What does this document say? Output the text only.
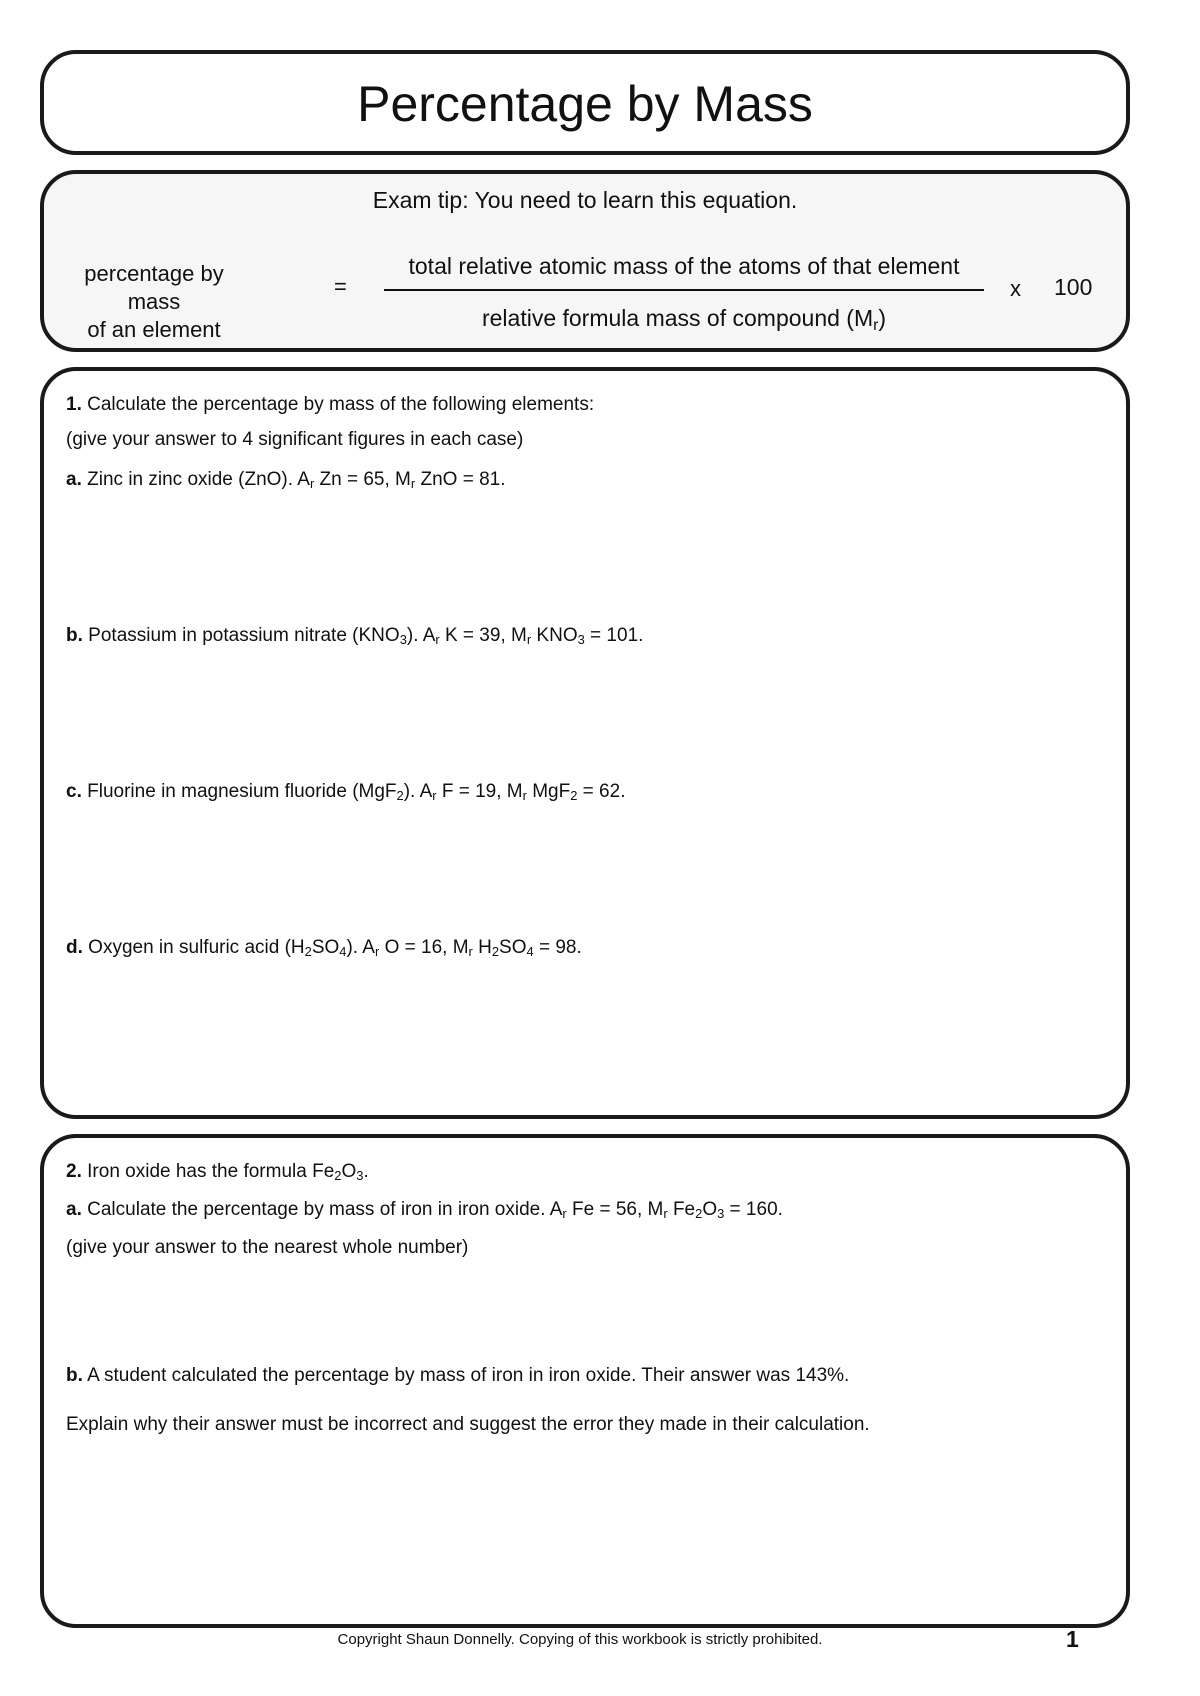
Percentage by Mass
Exam tip: You need to learn this equation.
percentage by mass
of an element
=
total relative atomic mass of the atoms of that element
relative formula mass of compound $(M_r)$
x 100
1. Calculate the percentage by mass of the following elements:
(give your answer to 4 significant figures in each case)
a. Zinc in zinc oxide (ZnO). $A_r$ Zn = 65, $M_r$ ZnO = 81.
b. Potassium in potassium nitrate $(KNO_3)$. $A_r$ K = 39, $M_r$ $KNO_3 = 101$.
c. Fluorine in magnesium fluoride (MgF$_2$). $A_r$ F = 19, $M_r$ MgF$_2$ = 62.
d. Oxygen in sulfuric acid $(H_2SO_4)$. $A_r$ O = 16, $M_r$ $H_2SO_4 = 98$.
2. Iron oxide has the formula $Fe_2O_3$.
a. Calculate the percentage by mass of iron in iron oxide. $A_r$ Fe = 56, $M_r$ $Fe_2O_3 = 160$.
(give your answer to the nearest whole number)
b. A student calculated the percentage by mass of iron in iron oxide. Their answer was 143%.
Explain why their answer must be incorrect and suggest the error they made in their calculation.
Copyright Shaun Donnelly. Copying of this workbook is strictly prohibited.	1
